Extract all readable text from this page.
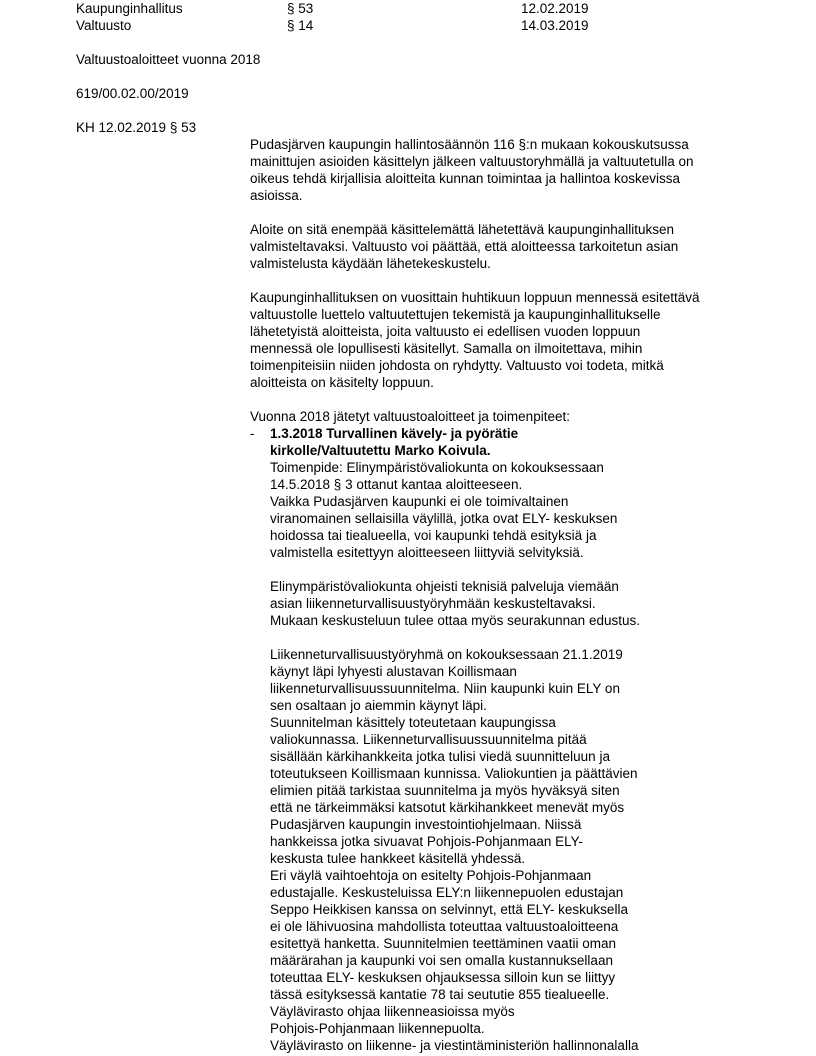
Kaupunginhallitus	§ 53	12.02.2019
Valtuusto	§ 14	14.03.2019
Valtuustoaloitteet vuonna 2018
619/00.02.00/2019
KH 12.02.2019 § 53

Pudasjärven kaupungin hallintosäännön 116 §:n mukaan kokouskutsussa
mainittujen asioiden käsittelyn jälkeen valtuustoryhmällä ja valtuutetulla on
oikeus tehdä kirjallisia aloitteita kunnan toimintaa ja hallintoa koskevissa
asioissa.

Aloite on sitä enempää käsittelemättä lähetettävä kaupunginhallituksen
valmisteltavaksi. Valtuusto voi päättää, että aloitteessa tarkoitetun asian
valmistelusta käydään lähetekeskustelu.

Kaupunginhallituksen on vuosittain huhtikuun loppuun mennessä esitettävä
valtuustolle luettelo valtuutettujen tekemistä ja kaupunginhallitukselle
lähetetyistä aloitteista, joita valtuusto ei edellisen vuoden loppuun
mennessä ole lopullisesti käsitellyt. Samalla on ilmoitettava, mihin
toimenpiteisiin niiden johdosta on ryhdytty. Valtuusto voi todeta, mitkä
aloitteista on käsitelty loppuun.

Vuonna 2018 jätetyt valtuustoaloitteet ja toimenpiteet:
- 1.3.2018 Turvallinen kävely- ja pyörätie
kirkolle/Valtuutettu Marko Koivula.

Toimenpide: Elinympäristövaliokunta on kokouksessaan
14.5.2018 § 3 ottanut kantaa aloitteeseen.
Vaikka Pudasjärven kaupunki ei ole toimivaltainen
viranomainen sellaisilla väylillä, jotka ovat ELY- keskuksen
hoidossa tai tiealueella, voi kaupunki tehdä esityksiä ja
valmistella esitettyyn aloitteeseen liittyviä selvityksiä.

Elinympäristövaliokunta ohjeisti teknisiä palveluja viemään
asian liikenneturvallisuustyöryhmään keskusteltavaksi.
Mukaan keskusteluun tulee ottaa myös seurakunnan edustus.

Liikenneturvallisuustyöryhmä on kokouksessaan 21.1.2019
käynyt läpi lyhyesti alustavan Koillismaan
liikenneturvallisuussuunnitelma. Niin kaupunki kuin ELY on
sen osaltaan jo aiemmin käynyt läpi.
Suunnitelman käsittely toteutetaan kaupungissa
valiokunnassa. Liikenneturvallisuussuunnitelma pitää
sisällään kärkihankkeita jotka tulisi viedä suunnitteluun ja
toteutukseen Koillismaan kunnissa. Valiokuntien ja päättävien
elimien pitää tarkistaa suunnitelma ja myös hyväksyä siten
että ne tärkeimmäksi katsotut kärkihankkeet menevät myös
Pudasjärven kaupungin investointiohjelmaan. Niissä
hankkeissa jotka sivuavat Pohjois-Pohjanmaan ELY-
keskusta tulee hankkeet käsitellä yhdessä.
Eri väylä vaihtoehtoja on esitelty Pohjois-Pohjanmaan
edustajalle. Keskusteluissa ELY:n liikennepuolen edustajan
Seppo Heikkisen kanssa on selvinnyt, että ELY- keskuksella
ei ole lähivuosina mahdollista toteuttaa valtuustoaloitteena
esitettyä hanketta. Suunnitelmien teettäminen vaatii oman
määrärahan ja kaupunki voi sen omalla kustannuksellaan
toteuttaa ELY- keskuksen ohjauksessa silloin kun se liittyy
tässä esityksessä kantatie 78 tai seututie 855 tiealueelle.
Väylävirasto ohjaa liikenneasioissa myös
Pohjois-Pohjanmaan liikennepuolta.
Väylävirasto on liikenne- ja viestintäministeriön hallinnonalalla
